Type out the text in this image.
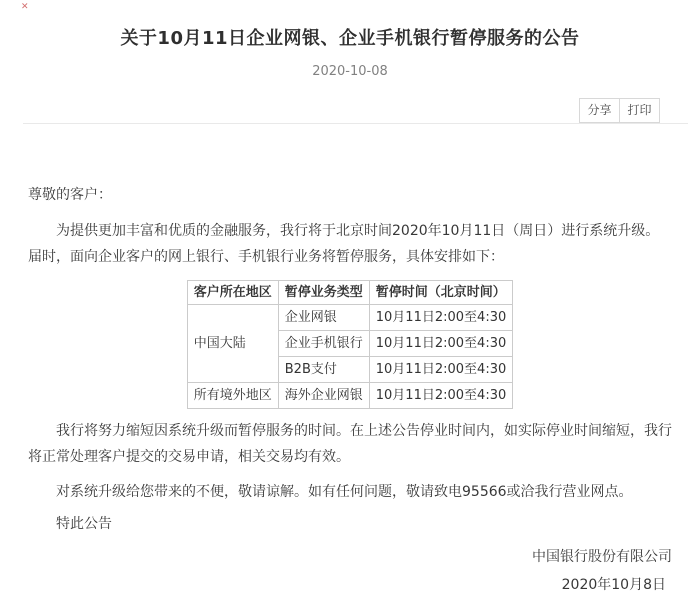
✕
关于10月11日企业网银、企业手机银行暂停服务的公告
2020-10-08
分享	打印

尊敬的客户：

为提供更加丰富和优质的金融服务，我行将于北京时间2020年10月11日（周日）进行系统升级。届时，面向企业客户的网上银行、手机银行业务将暂停服务，具体安排如下：

客户所在地区	暂停业务类型	暂停时间（北京时间）
中国大陆	企业网银	10月11日2:00至4:30
	企业手机银行	10月11日2:00至4:30
	B2B支付	10月11日2:00至4:30
所有境外地区	海外企业网银	10月11日2:00至4:30

我行将努力缩短因系统升级而暂停服务的时间。在上述公告停业时间内，如实际停业时间缩短，我行将正常处理客户提交的交易申请，相关交易均有效。

对系统升级给您带来的不便，敬请谅解。如有任何问题，敬请致电95566或洽我行营业网点。

特此公告

中国银行股份有限公司

2020年10月8日
